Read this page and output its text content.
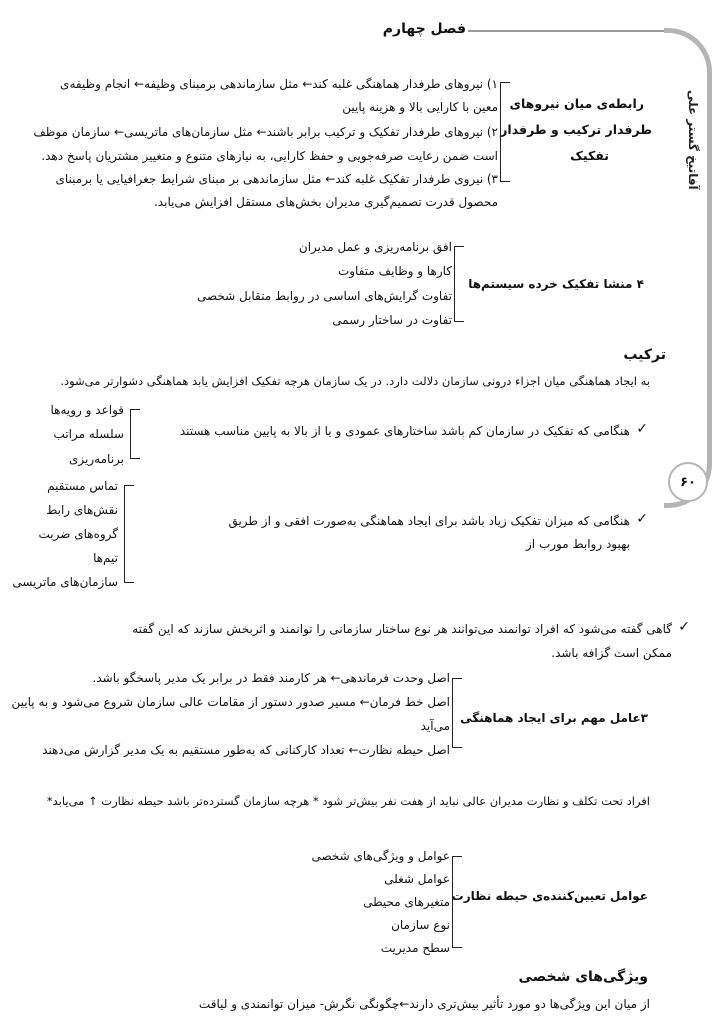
فصل چهارم
آفاتیخ گستر علی
۶۰
رابطه‌ی میان نیروهای
طرفدار ترکیب و طرفدار
تفکیک
۱) نیروهای طرفدار هماهنگی غلبه کند← مثل سازماندهی برمبنای وظیفه← انجام وظیفه‌ی
معین با کارایی بالا و هزینه پایین
۲) نیروهای طرفدار تفکیک و ترکیب برابر باشند← مثل سازمان‌های ماتریسی← سازمان موظف
است ضمن رعایت صرفه‌جویی و حفظ کارایی، به نیازهای متنوع و متغییر مشتریان پاسخ دهد.
۳) نیروی طرفدار تفکیک غلبه کند← مثل سازماندهی بر مبنای شرایط جغرافیایی یا برمبنای
محصول قدرت تصمیم‌گیری مدیران بخش‌های مستقل افزایش می‌یابد.
۴ منشا تفکیک خرده سیستم‌ها
افق برنامه‌ریزی و عمل مدیران
کارها و وظایف متفاوت
تفاوت گرایش‌های اساسی در روابط متقابل شخصی
تفاوت در ساختار رسمی
ترکیب
به ایجاد هماهنگی میان اجزاء درونی سازمان دلالت دارد. در یک سازمان هرچه تفکیک افزایش یابد هماهنگی دشوارتر می‌شود.
✓
هنگامی که تفکیک در سازمان کم باشد ساختارهای عمودی و یا از بالا به پایین مناسب هستند
قواعد و رویه‌ها
سلسله مراتب
برنامه‌ریزی
✓
هنگامی که میزان تفکیک زیاد باشد برای ایجاد هماهنگی به‌صورت افقی و از طریق
بهبود روابط مورب از
تماس مستقیم
نقش‌های رابط
گروه‌های ضربت
تیم‌ها
سازمان‌های ماتریسی
✓
گاهی گفته می‌شود که افراد توانمند می‌توانند هر نوع ساختار سازمانی را توانمند و اثربخش سازند که این گفته
ممکن است گزافه باشد.
۳عامل مهم برای ایجاد هماهنگی
اصل وحدت فرماندهی← هر کارمند فقط در برابر یک مدیر پاسخگو باشد.
اصل خط فرمان← مسیر صدور دستور از مقامات عالی سازمان شروع می‌شود و به پایین
می‌آید
اصل حیطه نظارت← تعداد کارکنانی که به‌طور مستقیم به یک مدیر گزارش می‌دهند
افراد تحت تکلف و نظارت مدیران عالی نباید از هفت نفر بیش‌تر شود * هرچه سازمان گسترده‌تر باشد حیطه نظارت ↑ می‌یابد*
عوامل تعیین‌کننده‌ی حیطه نظارت
عوامل و ویژگی‌های شخصی
عوامل شغلی
متغیرهای محیطی
نوع سازمان
سطح مدیریت
ویژگی‌های شخصی
از میان این ویژگی‌ها دو مورد تأثیر بیش‌تری دارند←چگونگی نگرش- میزان توانمندی و لیاقت
